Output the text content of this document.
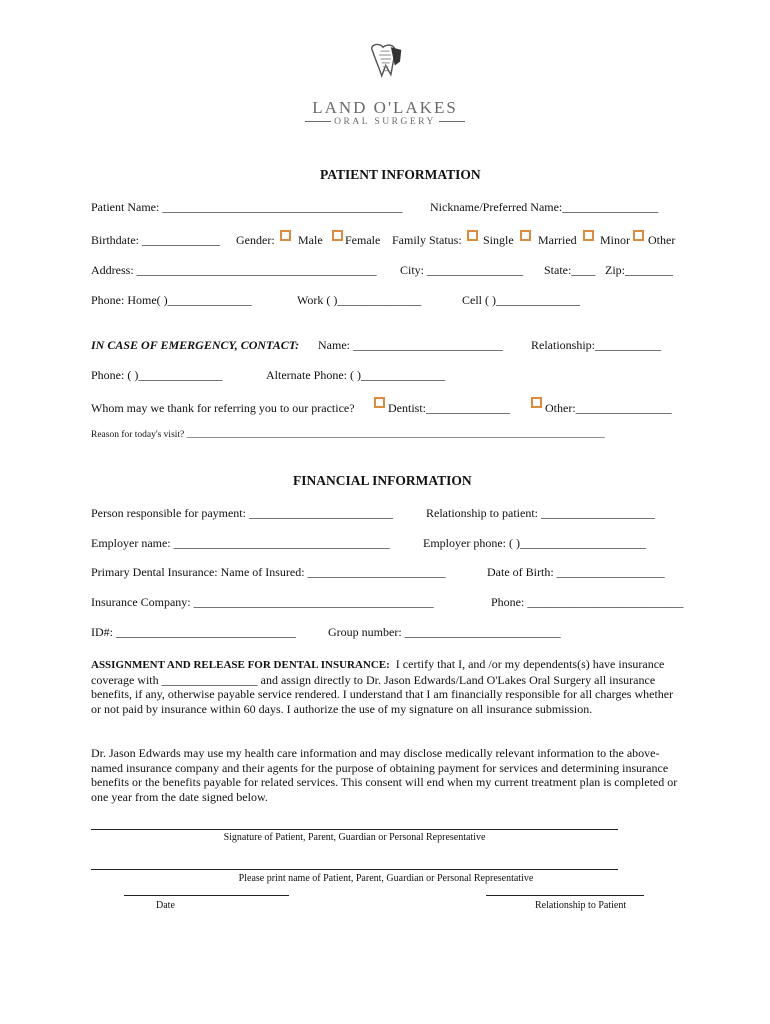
LAND O'LAKES
ORAL SURGERY
PATIENT INFORMATION
Patient Name: ________________________________________ Nickname/Preferred Name:________________
Birthdate: _____________ Gender: Male Female Family Status: Single Married Minor Other
Address: ________________________________________ City: ________________ State:____ Zip:________
Phone: Home( )______________	Work ( )______________	Cell ( )______________
IN CASE OF EMERGENCY, CONTACT: Name: _________________________ Relationship:___________
Phone: ( )______________	Alternate Phone: ( )______________
Whom may we thank for referring you to our practice?	Dentist:______________	Other:________________
Reason for today's visit? ________________________________________________________________________________________
FINANCIAL INFORMATION
Person responsible for payment: ________________________	Relationship to patient: ___________________
Employer name: ____________________________________	Employer phone: ( )_____________________
Primary Dental Insurance: Name of Insured: _______________________	Date of Birth: __________________
Insurance Company: ________________________________________	Phone: __________________________
ID#: ______________________________	Group number: __________________________
ASSIGNMENT AND RELEASE FOR DENTAL INSURANCE: I certify that I, and /or my dependents(s) have insurance coverage with ________________ and assign directly to Dr. Jason Edwards/Land O'Lakes Oral Surgery all insurance benefits, if any, otherwise payable service rendered. I understand that I am financially responsible for all charges whether or not paid by insurance within 60 days. I authorize the use of my signature on all insurance submission.
Dr. Jason Edwards may use my health care information and may disclose medically relevant information to the above-named insurance company and their agents for the purpose of obtaining payment for services and determining insurance benefits or the benefits payable for related services. This consent will end when my current treatment plan is completed or one year from the date signed below.
Signature of Patient, Parent, Guardian or Personal Representative
Please print name of Patient, Parent, Guardian or Personal Representative
Date	Relationship to Patient
